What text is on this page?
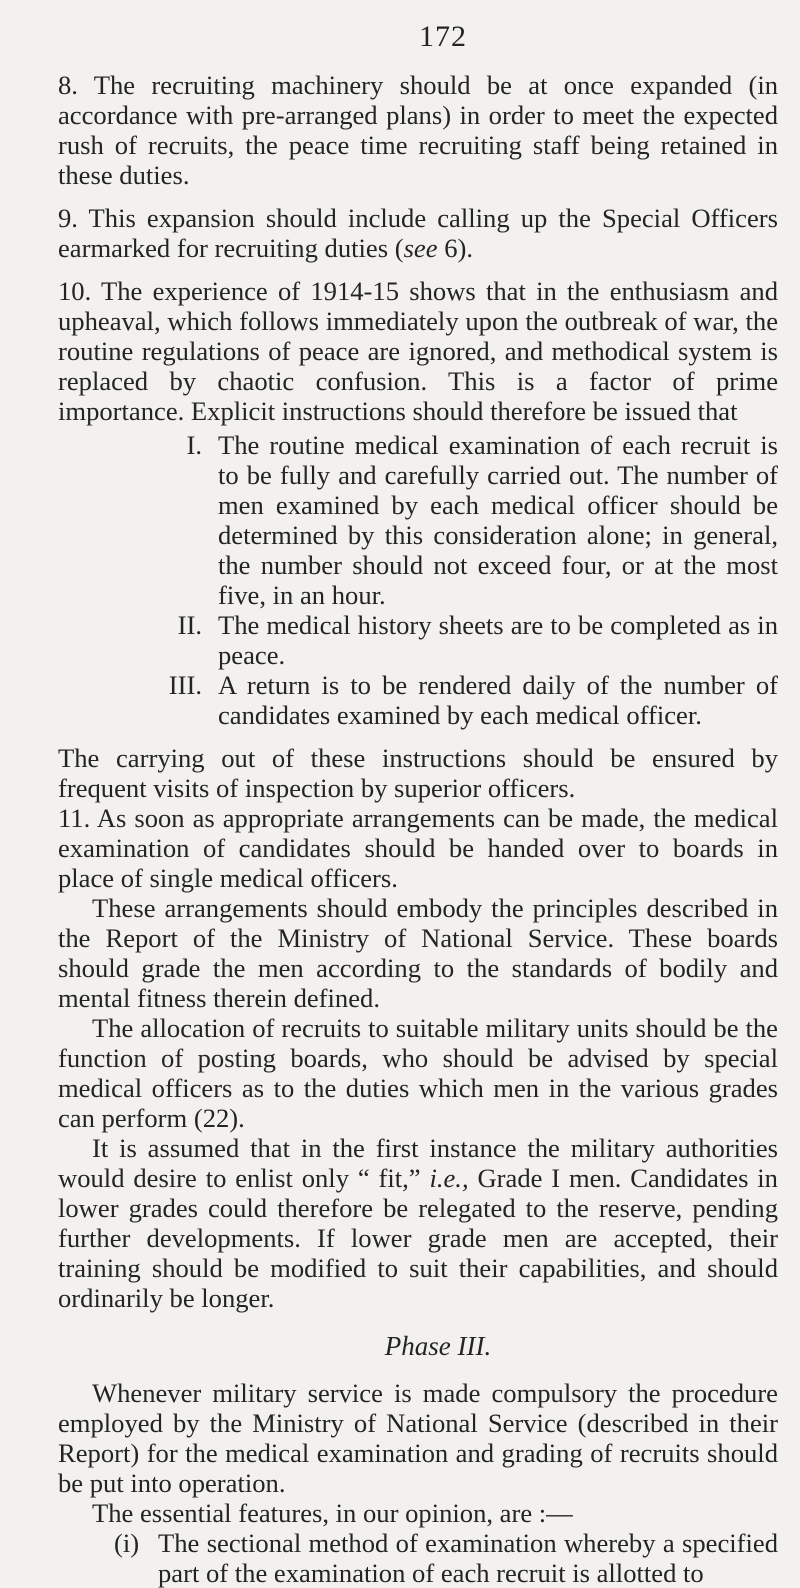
172

8. The recruiting machinery should be at once expanded (in accordance with pre-arranged plans) in order to meet the expected rush of recruits, the peace time recruiting staff being retained in these duties.

9. This expansion should include calling up the Special Officers earmarked for recruiting duties (see 6).

10. The experience of 1914-15 shows that in the enthusiasm and upheaval, which follows immediately upon the outbreak of war, the routine regulations of peace are ignored, and methodical system is replaced by chaotic confusion. This is a factor of prime importance. Explicit instructions should therefore be issued that

I. The routine medical examination of each recruit is to be fully and carefully carried out. The number of men examined by each medical officer should be determined by this consideration alone; in general, the number should not exceed four, or at the most five, in an hour.
II. The medical history sheets are to be completed as in peace.
III. A return is to be rendered daily of the number of candidates examined by each medical officer.

The carrying out of these instructions should be ensured by frequent visits of inspection by superior officers.

11. As soon as appropriate arrangements can be made, the medical examination of candidates should be handed over to boards in place of single medical officers.

These arrangements should embody the principles described in the Report of the Ministry of National Service. These boards should grade the men according to the standards of bodily and mental fitness therein defined.

The allocation of recruits to suitable military units should be the function of posting boards, who should be advised by special medical officers as to the duties which men in the various grades can perform (22).

It is assumed that in the first instance the military authorities would desire to enlist only “ fit,” i.e., Grade I men. Candidates in lower grades could therefore be relegated to the reserve, pending further developments. If lower grade men are accepted, their training should be modified to suit their capabilities, and should ordinarily be longer.

Phase III.

Whenever military service is made compulsory the procedure employed by the Ministry of National Service (described in their Report) for the medical examination and grading of recruits should be put into operation.

The essential features, in our opinion, are :—

(i) The sectional method of examination whereby a specified part of the examination of each recruit is allotted to
